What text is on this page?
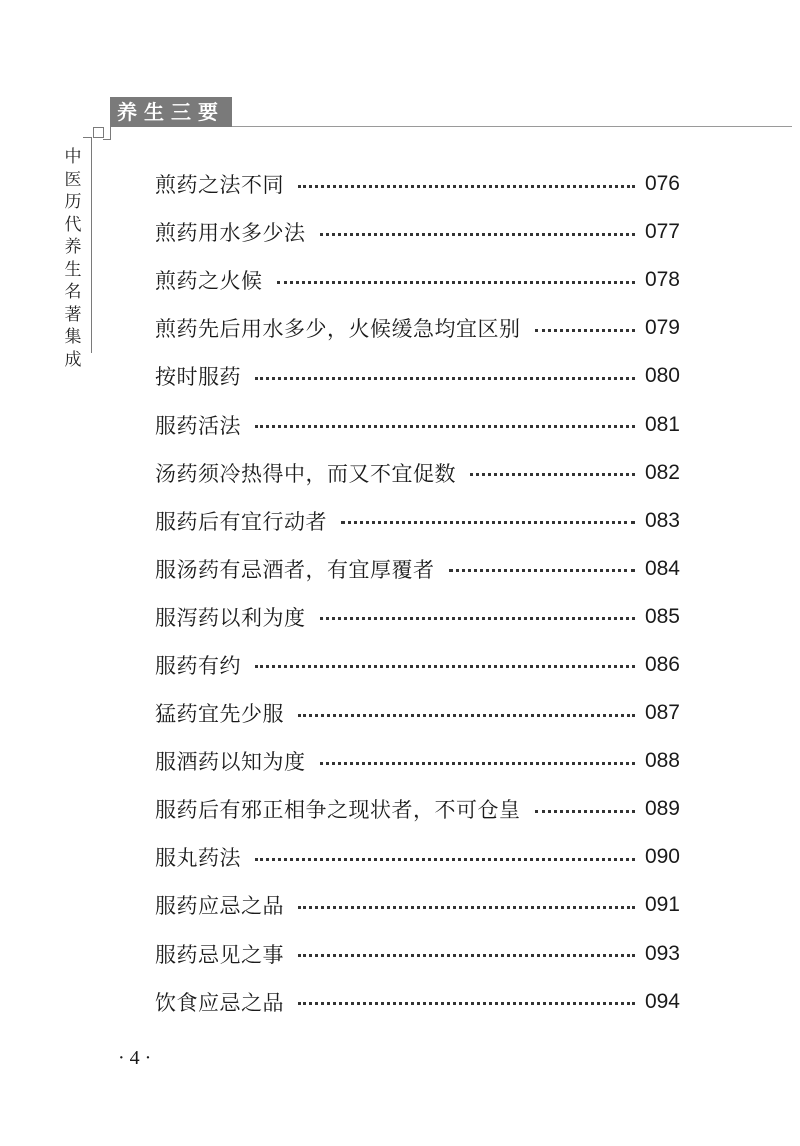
养生三要
中
医
历
代
养
生
名
著
集
成
煎药之法不同	076
煎药用水多少法	077
煎药之火候	078
煎药先后用水多少，火候缓急均宜区别	079
按时服药	080
服药活法	081
汤药须冷热得中，而又不宜促数	082
服药后有宜行动者	083
服汤药有忌酒者，有宜厚覆者	084
服泻药以利为度	085
服药有约	086
猛药宜先少服	087
服酒药以知为度	088
服药后有邪正相争之现状者，不可仓皇	089
服丸药法	090
服药应忌之品	091
服药忌见之事	093
饮食应忌之品	094
· 4 ·
